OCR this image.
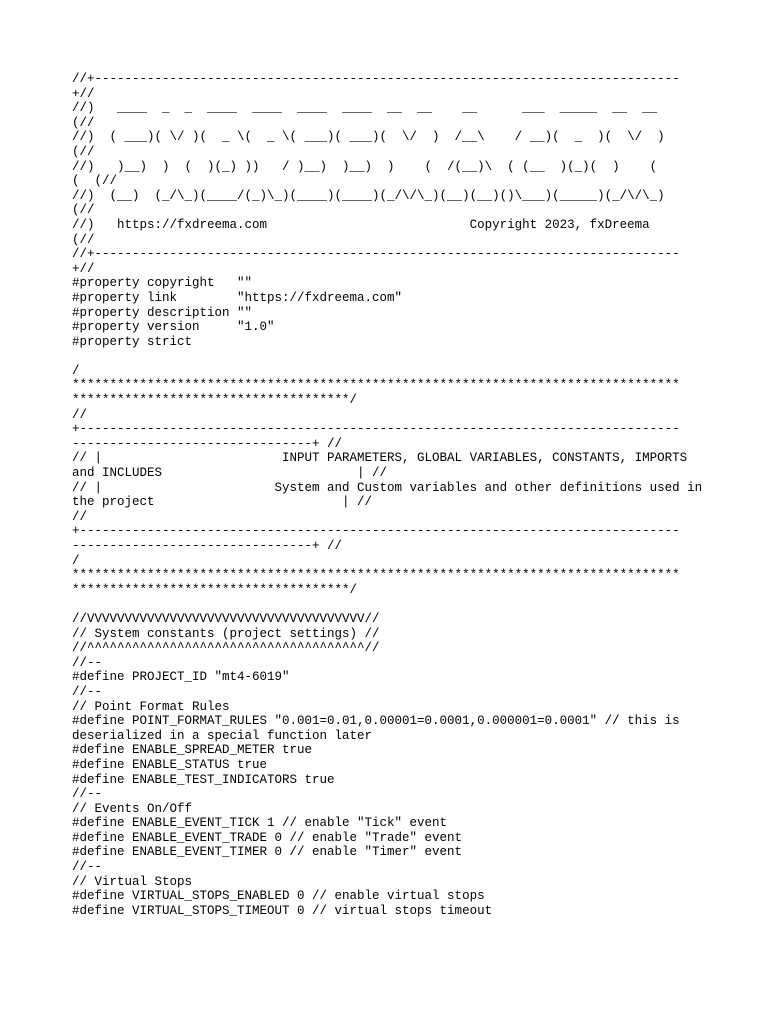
//+------------------------------------------------------------------------------
+//
//)   ____  _  _  ____  ____  ____  ____  __  __    __      ___  _____  __  __
(//
//)  ( ___)( \/ )(  _ \(  _ \( ___)( ___)(  \/  )  /__\    / __)(  _  )(  \/  )
(//
//)   )__)  )  (  )(_) ))   / )__)  )__)  )    (  /(__)\  ( (__  )(_)(  )    (
(  (//
//)  (__)  (_/\_)(____/(_)\_)(____)(____)(_/\/\_)(__)(__)()\___)(_____)(_/\/\_)
(//
//)   https://fxdreema.com                           Copyright 2023, fxDreema
(//
//+------------------------------------------------------------------------------
+//
#property copyright   ""
#property link        "https://fxdreema.com"
#property description ""
#property version     "1.0"
#property strict
/
*********************************************************************************
*************************************/
//
+--------------------------------------------------------------------------------
--------------------------------+ //
// |                        INPUT PARAMETERS, GLOBAL VARIABLES, CONSTANTS, IMPORTS
and INCLUDES                          | //
// |                       System and Custom variables and other definitions used in
the project                         | //
//
+--------------------------------------------------------------------------------
--------------------------------+ //
/
*********************************************************************************
*************************************/
//VVVVVVVVVVVVVVVVVVVVVVVVVVVVVVVVVVVVV//
// System constants (project settings) //
//^^^^^^^^^^^^^^^^^^^^^^^^^^^^^^^^^^^^^//
//--
#define PROJECT_ID "mt4-6019"
//--
// Point Format Rules
#define POINT_FORMAT_RULES "0.001=0.01,0.00001=0.0001,0.000001=0.0001" // this is
deserialized in a special function later
#define ENABLE_SPREAD_METER true
#define ENABLE_STATUS true
#define ENABLE_TEST_INDICATORS true
//--
// Events On/Off
#define ENABLE_EVENT_TICK 1 // enable "Tick" event
#define ENABLE_EVENT_TRADE 0 // enable "Trade" event
#define ENABLE_EVENT_TIMER 0 // enable "Timer" event
//--
// Virtual Stops
#define VIRTUAL_STOPS_ENABLED 0 // enable virtual stops
#define VIRTUAL_STOPS_TIMEOUT 0 // virtual stops timeout
